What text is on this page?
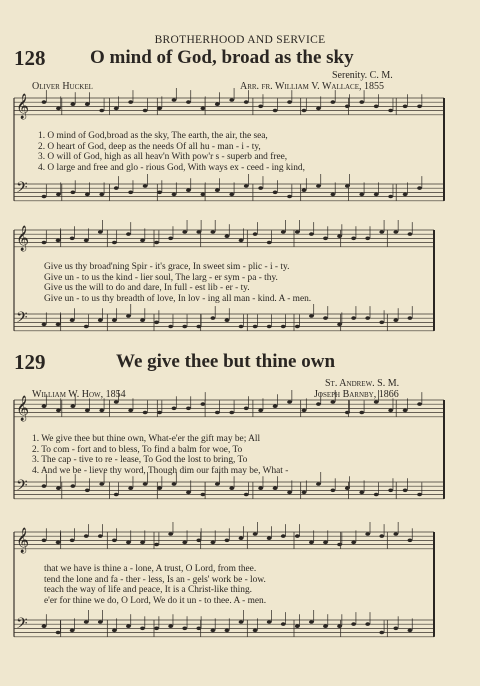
BROTHERHOOD AND SERVICE
128 O mind of God, broad as the sky
Serenity. C. M.
Oliver Huckel	Arr. fr. William V. Wallace, 1855
𝄞
𝄢
1. O mind of God,broad as the sky, The earth, the air, the sea,
2. O heart of God, deep as the needs Of all hu - man - i - ty,
3. O will of God, high as all heav'n With pow'r s - superb and free,
4. O large and free and glo - rious God, With ways ex - ceed - ing kind,
𝄞
𝄢
Give us thy broad'ning Spir - it's grace, In sweet sim - plic - i - ty.
Give un - to us the kind - lier soul, The larg - er sym - pa - thy.
Give us the will to do and dare, In full - est lib - er - ty.
Give un - to us thy breadth of love, In lov - ing all man - kind. A - men.
129	We give thee but thine own
St. Andrew. S. M.
William W. How, 1854	Joseph Barnby, 1866
𝄞
𝄢
1. We give thee but thine own, What-e'er the gift may be; All
2. To com - fort and to bless, To find a balm for woe, To
3. The cap - tive to re - lease, To God the lost to bring, To
4. And we be - lieve thy word, Though dim our faith may be, What -
𝄞
𝄢
that we have is thine a - lone, A trust, O Lord, from thee.
tend the lone and fa - ther - less, Is an - gels' work be - low.
teach the way of life and peace, It is a Christ-like thing.
e'er for thine we do, O Lord, We do it un - to thee. A - men.
